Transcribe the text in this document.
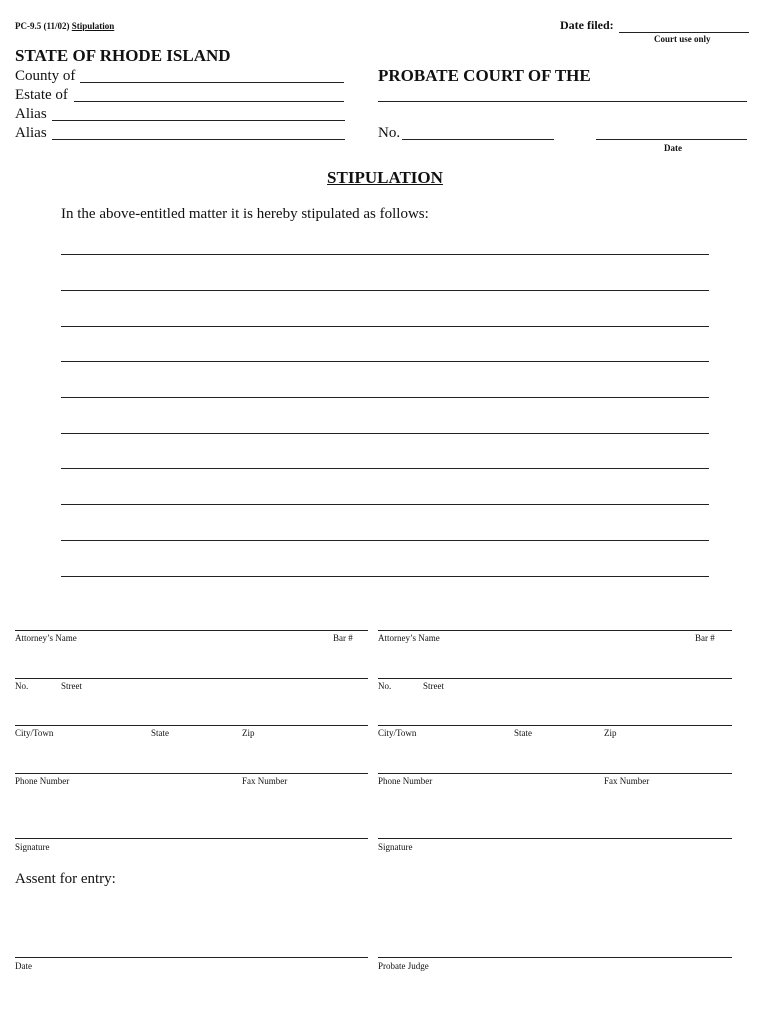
PC-9.5 (11/02) Stipulation	Date filed:
Court use only
STATE OF RHODE ISLAND
County of
Estate of
Alias
Alias
PROBATE COURT OF THE
No.
Date
STIPULATION
In the above-entitled matter it is hereby stipulated as follows:
Attorney’s Name	Bar #
No.	Street
City/Town	State	Zip
Phone Number	Fax Number
Signature
Attorney’s Name	Bar #
No.	Street
City/Town	State	Zip
Phone Number	Fax Number
Signature
Assent for entry:
Date	Probate Judge
